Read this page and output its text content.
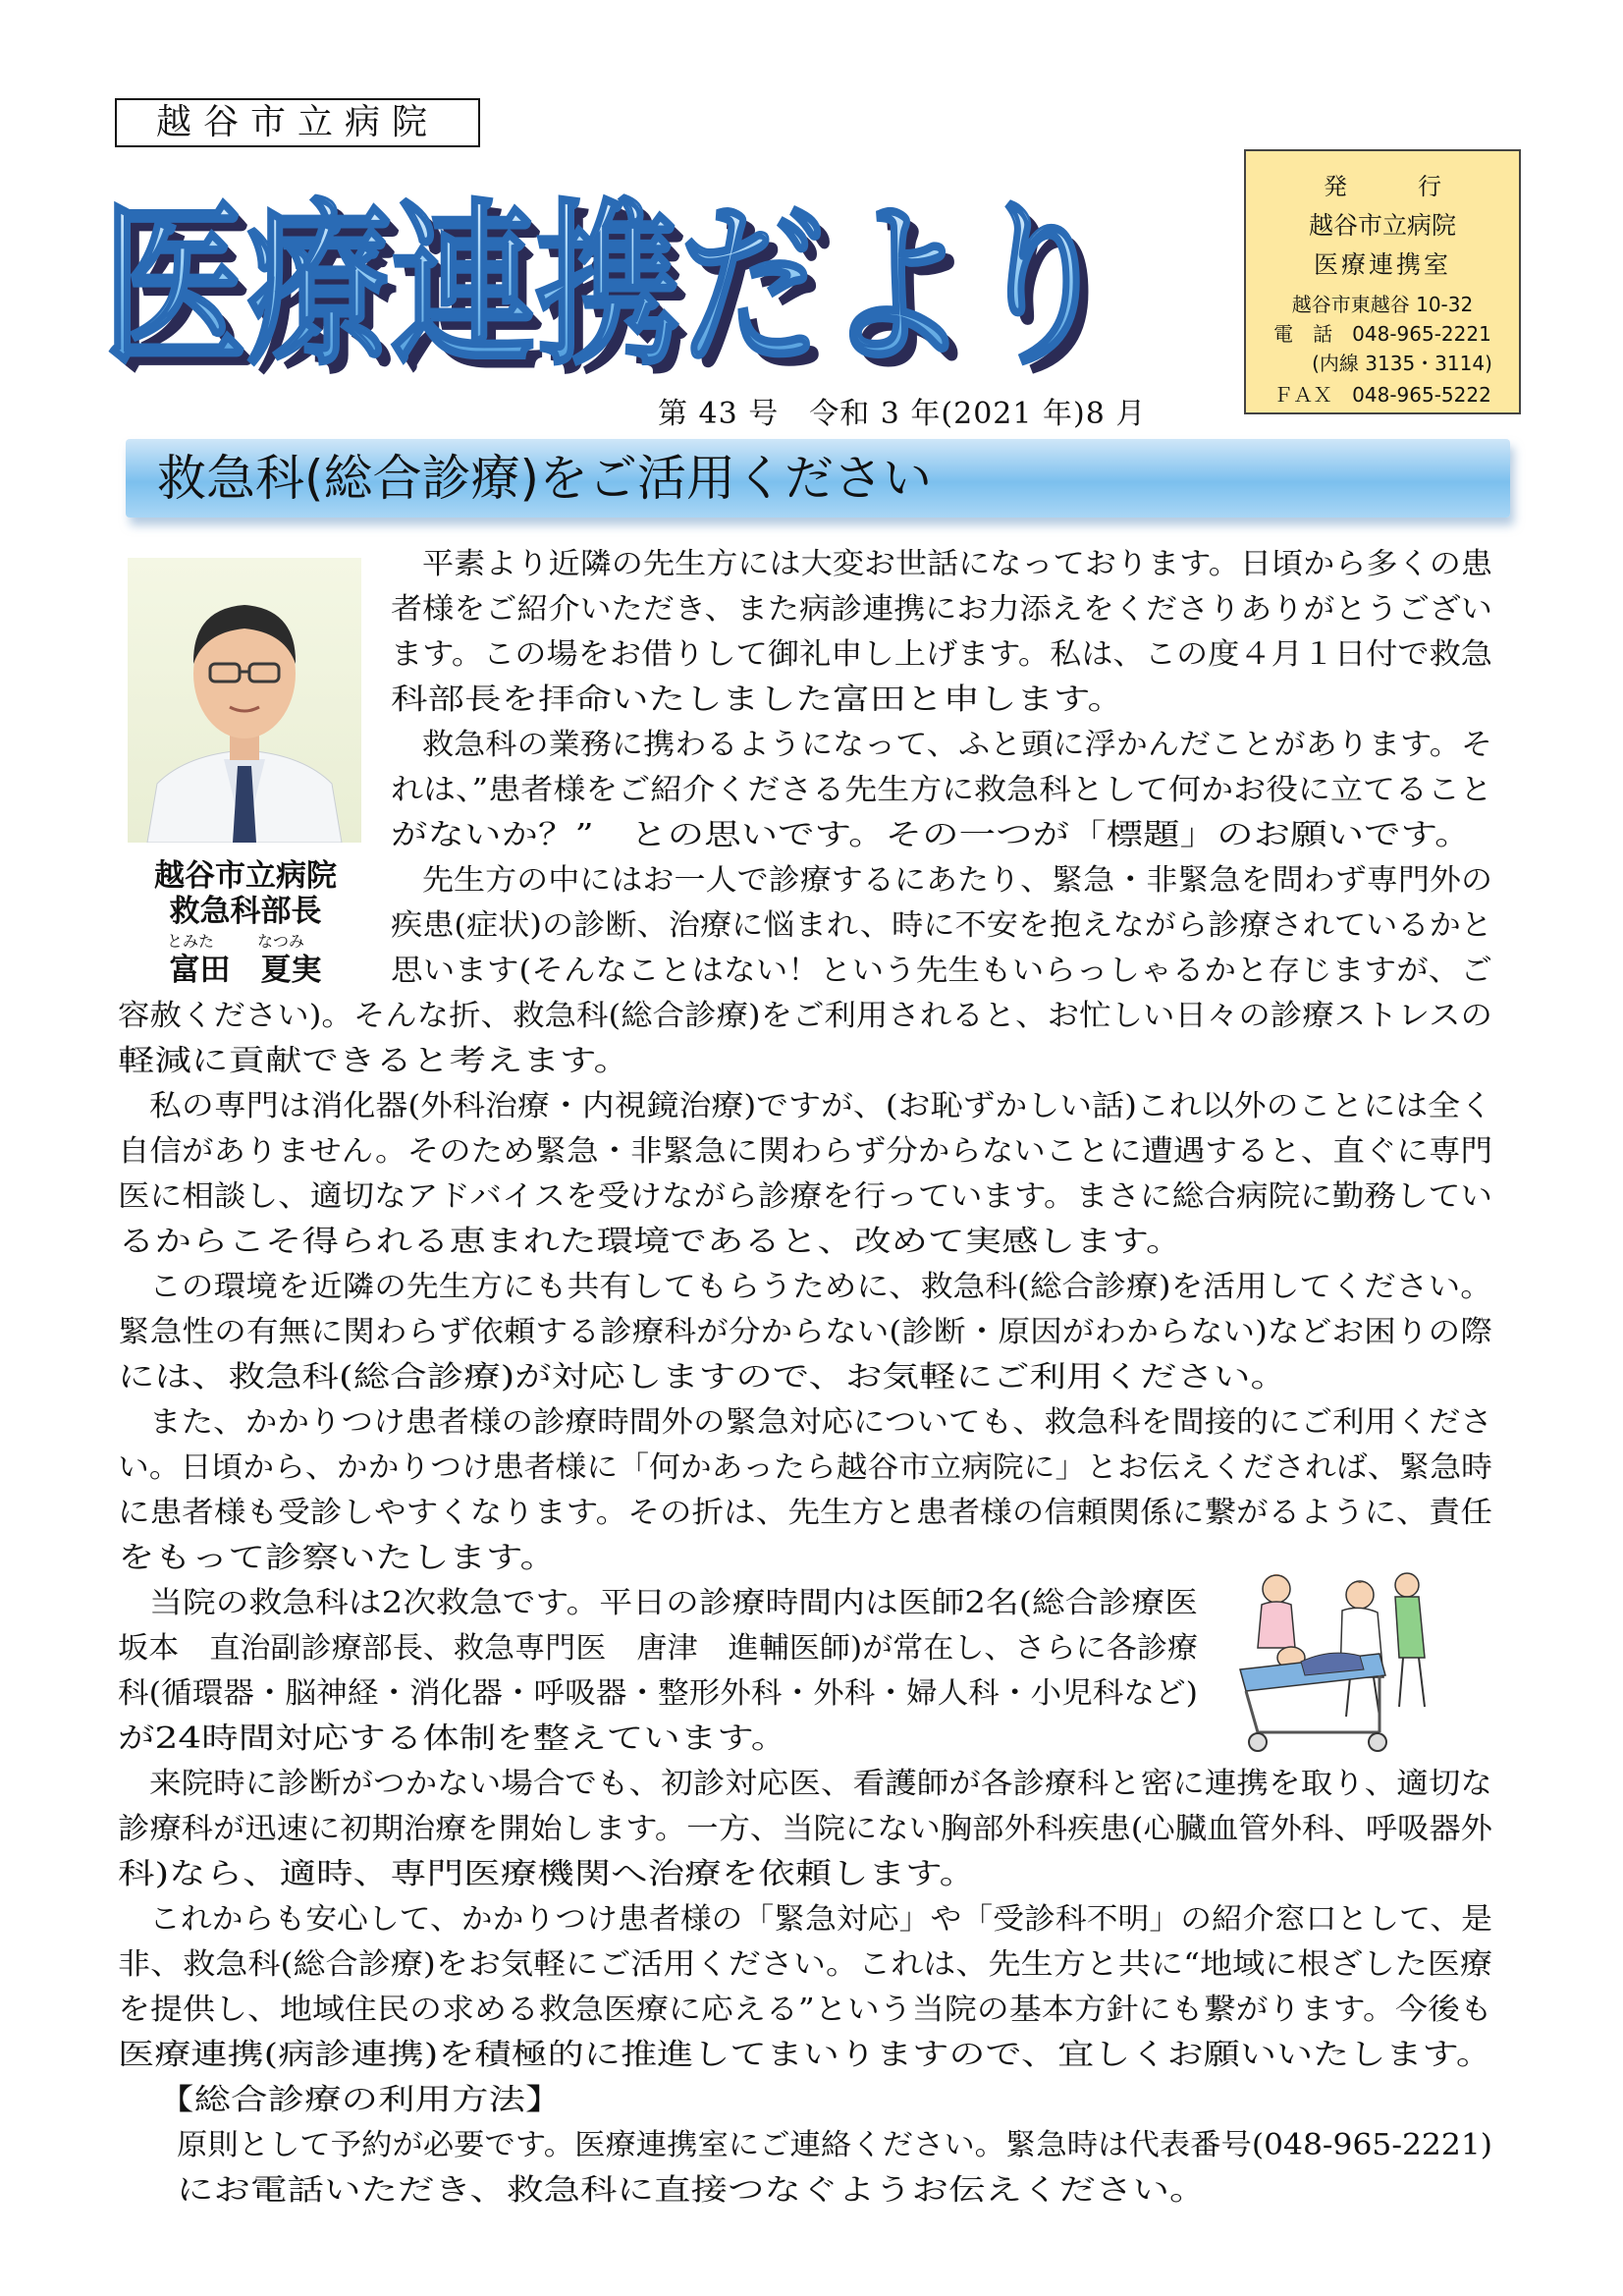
越谷市立病院
医療連携だより
医療連携だより
第 43 号　令和 3 年(2021 年)8 月
発　　　行
越谷市立病院
医療連携室
越谷市東越谷 10-32
電　話　048-965-2221
(内線 3135・3114)
ＦＡＸ　048-965-5222
救急科(総合診療)をご活用ください
越谷市立病院
救急科部長
とみた	なつみ
富田　夏実
平素より近隣の先生方には大変お世話になっております。日頃から多くの患
者様をご紹介いただき、また病診連携にお力添えをくださりありがとうござい
ます。この場をお借りして御礼申し上げます。私は、この度４月１日付で救急
科部長を拝命いたしました富田と申します。
救急科の業務に携わるようになって、ふと頭に浮かんだことがあります。そ
れは、”患者様をご紹介くださる先生方に救急科として何かお役に立てること
がないか？”　との思いです。その一つが「標題」のお願いです。
先生方の中にはお一人で診療するにあたり、緊急・非緊急を問わず専門外の
疾患(症状)の診断、治療に悩まれ、時に不安を抱えながら診療されているかと
思います(そんなことはない！という先生もいらっしゃるかと存じますが、ご
容赦ください)。そんな折、救急科(総合診療)をご利用されると、お忙しい日々の診療ストレスの
軽減に貢献できると考えます。
私の専門は消化器(外科治療・内視鏡治療)ですが、(お恥ずかしい話)これ以外のことには全く
自信がありません。そのため緊急・非緊急に関わらず分からないことに遭遇すると、直ぐに専門
医に相談し、適切なアドバイスを受けながら診療を行っています。まさに総合病院に勤務してい
るからこそ得られる恵まれた環境であると、改めて実感します。
この環境を近隣の先生方にも共有してもらうために、救急科(総合診療)を活用してください。
緊急性の有無に関わらず依頼する診療科が分からない(診断・原因がわからない)などお困りの際
には、救急科(総合診療)が対応しますので、お気軽にご利用ください。
また、かかりつけ患者様の診療時間外の緊急対応についても、救急科を間接的にご利用くださ
い。日頃から、かかりつけ患者様に「何かあったら越谷市立病院に」とお伝えくだされば、緊急時
に患者様も受診しやすくなります。その折は、先生方と患者様の信頼関係に繋がるように、責任
をもって診察いたします。
当院の救急科は2次救急です。平日の診療時間内は医師2名(総合診療医
坂本　直治副診療部長、救急専門医　唐津　進輔医師)が常在し、さらに各診療
科(循環器・脳神経・消化器・呼吸器・整形外科・外科・婦人科・小児科など)
が24時間対応する体制を整えています。
来院時に診断がつかない場合でも、初診対応医、看護師が各診療科と密に連携を取り、適切な
診療科が迅速に初期治療を開始します。一方、当院にない胸部外科疾患(心臓血管外科、呼吸器外
科)なら、適時、専門医療機関へ治療を依頼します。
これからも安心して、かかりつけ患者様の「緊急対応」や「受診科不明」の紹介窓口として、是
非、救急科(総合診療)をお気軽にご活用ください。これは、先生方と共に“地域に根ざした医療
を提供し、地域住民の求める救急医療に応える”という当院の基本方針にも繋がります。今後も
医療連携(病診連携)を積極的に推進してまいりますので、宜しくお願いいたします。
【総合診療の利用方法】
原則として予約が必要です。医療連携室にご連絡ください。緊急時は代表番号(048-965-2221)
にお電話いただき、救急科に直接つなぐようお伝えください。
